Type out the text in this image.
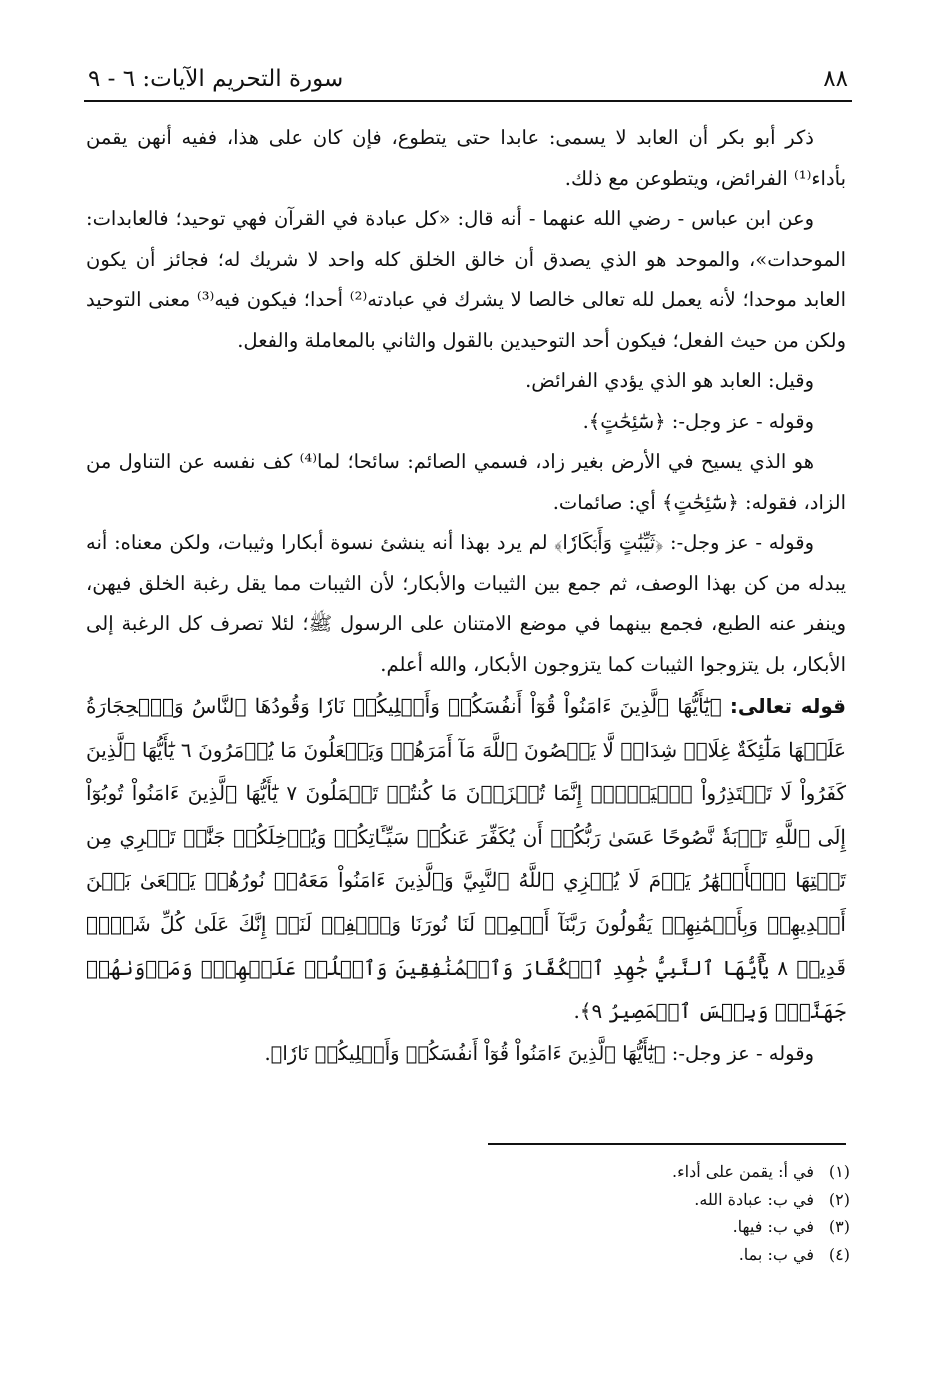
٨٨
سورة التحريم الآيات: ٦ - ٩

ذكر أبو بكر أن العابد لا يسمى: عابدا حتى يتطوع، فإن كان على هذا، ففيه أنهن يقمن بأداء⁽¹⁾ الفرائض، ويتطوعن مع ذلك.

وعن ابن عباس - رضي الله عنهما - أنه قال: «كل عبادة في القرآن فهي توحيد؛ فالعابدات: الموحدات»، والموحد هو الذي يصدق أن خالق الخلق كله واحد لا شريك له؛ فجائز أن يكون العابد موحدا؛ لأنه يعمل لله تعالى خالصا لا يشرك في عبادته⁽²⁾ أحدا؛ فيكون فيه⁽³⁾ معنى التوحيد ولكن من حيث الفعل؛ فيكون أحد التوحيدين بالقول والثاني بالمعاملة والفعل.

وقيل: العابد هو الذي يؤدي الفرائض.

وقوله - عز وجل-: ﴿سَٰٓئِحَٰتٍ﴾.

هو الذي يسيح في الأرض بغير زاد، فسمي الصائم: سائحا؛ لما⁽⁴⁾ كف نفسه عن التناول من الزاد، فقوله: ﴿سَٰٓئِحَٰتٍ﴾ أي: صائمات.

وقوله - عز وجل-: ﴿ثَيِّبَٰتٍ وَأَبۡكَارٗا﴾ لم يرد بهذا أنه ينشئ نسوة أبكارا وثيبات، ولكن معناه: أنه يبدله من كن بهذا الوصف، ثم جمع بين الثيبات والأبكار؛ لأن الثيبات مما يقل رغبة الخلق فيهن، وينفر عنه الطبع، فجمع بينهما في موضع الامتنان على الرسول ﷺ؛ لئلا تصرف كل الرغبة إلى الأبكار، بل يتزوجوا الثيبات كما يتزوجون الأبكار، والله أعلم.

قوله تعالى: ﴿يَٰٓأَيُّهَا ٱلَّذِينَ ءَامَنُواْ قُوٓاْ أَنفُسَكُمۡ وَأَهۡلِيكُمۡ نَارٗا وَقُودُهَا ٱلنَّاسُ وَٱلۡحِجَارَةُ عَلَيۡهَا مَلَٰٓئِكَةٌ غِلَاظٞ شِدَادٞ لَّا يَعۡصُونَ ٱللَّهَ مَآ أَمَرَهُمۡ وَيَفۡعَلُونَ مَا يُؤۡمَرُونَ ٦ يَٰٓأَيُّهَا ٱلَّذِينَ كَفَرُواْ لَا تَعۡتَذِرُواْ ٱلۡيَوۡمَۖ إِنَّمَا تُجۡزَوۡنَ مَا كُنتُمۡ تَعۡمَلُونَ ٧ يَٰٓأَيُّهَا ٱلَّذِينَ ءَامَنُواْ تُوبُوٓاْ إِلَى ٱللَّهِ تَوۡبَةٗ نَّصُوحًا عَسَىٰ رَبُّكُمۡ أَن يُكَفِّرَ عَنكُمۡ سَيِّـَٔاتِكُمۡ وَيُدۡخِلَكُمۡ جَنَّٰتٖ تَجۡرِي مِن تَحۡتِهَا ٱلۡأَنۡهَٰرُ يَوۡمَ لَا يُخۡزِي ٱللَّهُ ٱلنَّبِيَّ وَٱلَّذِينَ ءَامَنُواْ مَعَهُۥۖ نُورُهُمۡ يَسۡعَىٰ بَيۡنَ أَيۡدِيهِمۡ وَبِأَيۡمَٰنِهِمۡ يَقُولُونَ رَبَّنَآ أَتۡمِمۡ لَنَا نُورَنَا وَٱغۡفِرۡ لَنَآۖ إِنَّكَ عَلَىٰ كُلِّ شَيۡءٖ قَدِيرٞ ٨ يَٰٓأَيُّهَا ٱلنَّبِيُّ جَٰهِدِ ٱلۡكُفَّارَ وَٱلۡمُنَٰفِقِينَ وَٱغۡلُظۡ عَلَيۡهِمۡۚ وَمَأۡوَىٰهُمۡ جَهَنَّمُۖ وَبِئۡسَ ٱلۡمَصِيرُ ٩﴾.

وقوله - عز وجل-: ﴿يَٰٓأَيُّهَا ٱلَّذِينَ ءَامَنُواْ قُوٓاْ أَنفُسَكُمۡ وَأَهۡلِيكُمۡ نَارٗا﴾.

(١)
في أ: يقمن على أداء.
(٢)
في ب: عبادة الله.
(٣)
في ب: فيها.
(٤)
في ب: بما.
